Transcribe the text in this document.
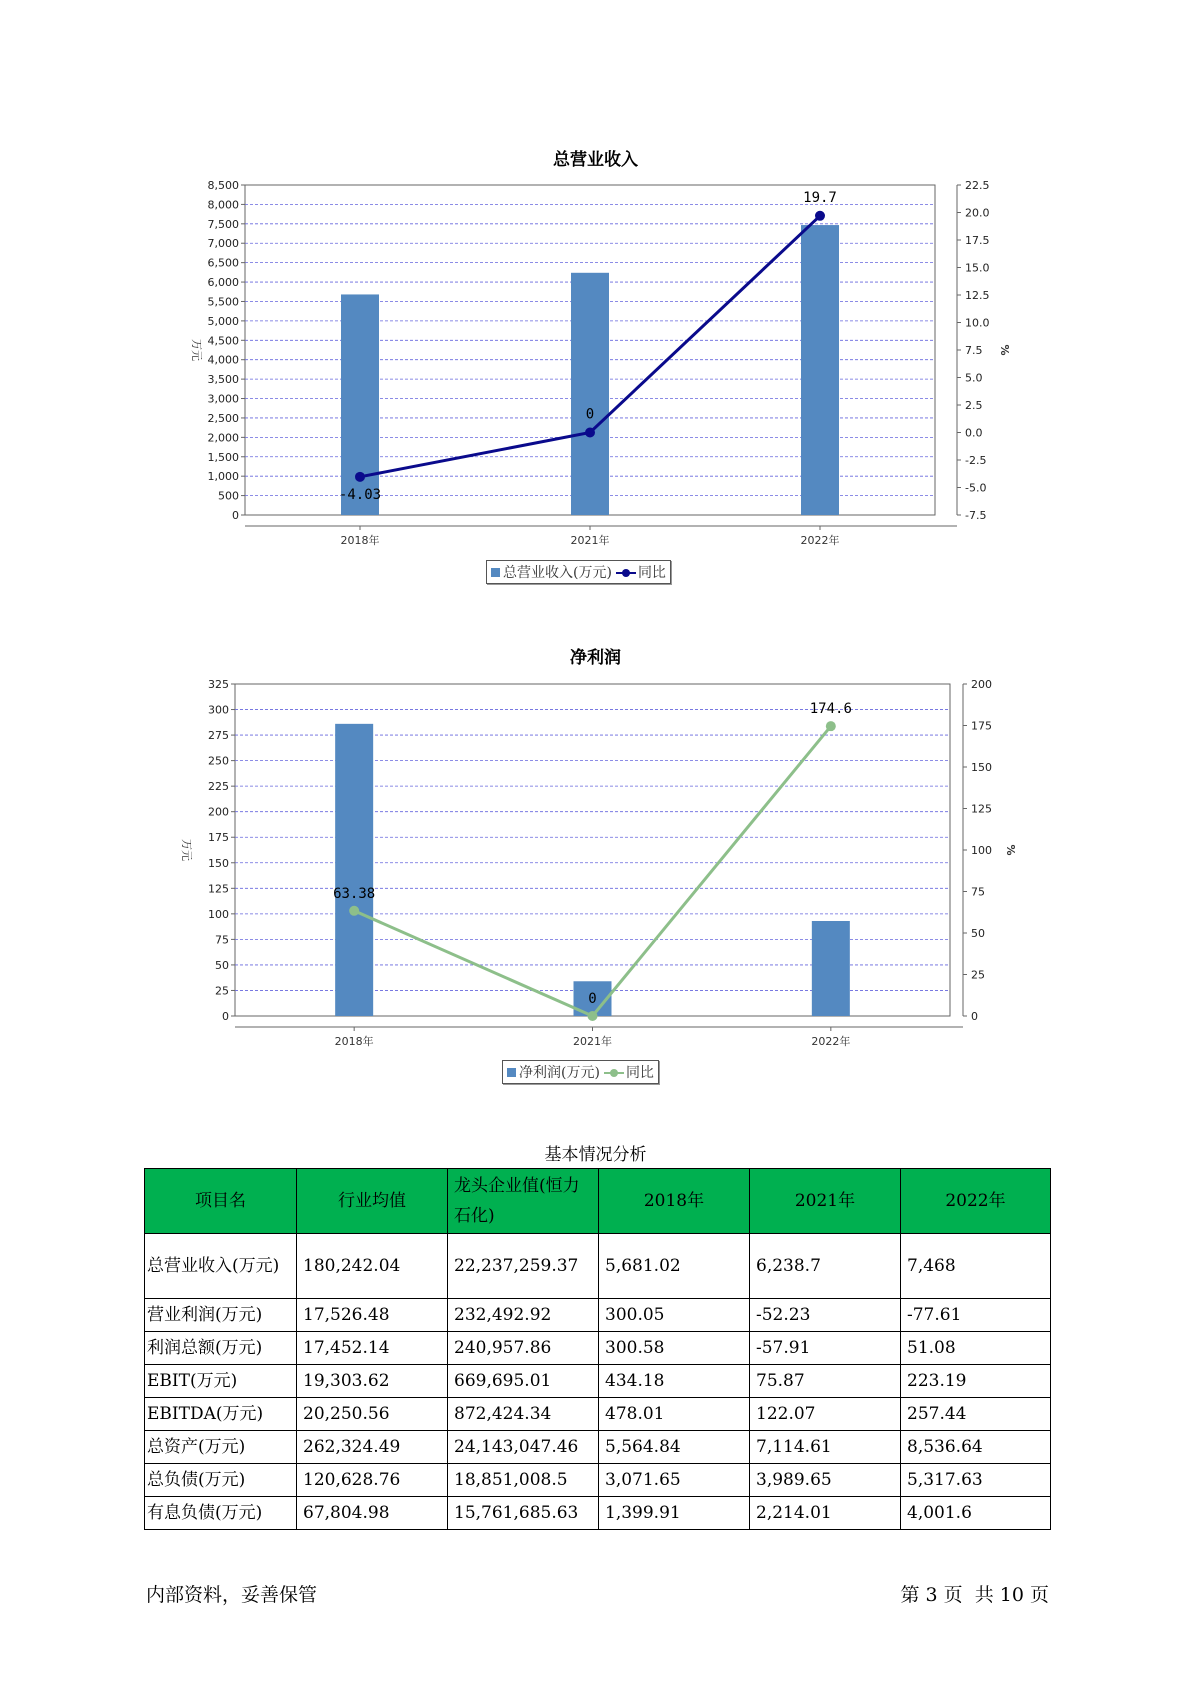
总营业收入
0
500
1,000
1,500
2,000
2,500
3,000
3,500
4,000
4,500
5,000
5,500
6,000
6,500
7,000
7,500
8,000
8,500
-7.5
-5.0
-2.5
0.0
2.5
5.0
7.5
10.0
12.5
15.0
17.5
20.0
22.5
万元	%
2018年	2021年	2022年
-4.03
0
19.7
总营业收入(万元) 同比
净利润
0
25
50
75
100
125
150
175
200
225
250
275
300
325
0
25
50
75
100
125
150
175
200
万元	%
2018年	2021年	2022年
63.38
0
174.6
净利润(万元) 同比
基本情况分析
项目名	行业均值	龙头企业值(恒力石化)	2018年	2021年	2022年
总营业收入(万元)	180,242.04	22,237,259.37	5,681.02	6,238.7	7,468
营业利润(万元)	17,526.48	232,492.92	300.05	-52.23	-77.61
利润总额(万元)	17,452.14	240,957.86	300.58	-57.91	51.08
EBIT(万元)	19,303.62	669,695.01	434.18	75.87	223.19
EBITDA(万元)	20,250.56	872,424.34	478.01	122.07	257.44
总资产(万元)	262,324.49	24,143,047.46	5,564.84	7,114.61	8,536.64
总负债(万元)	120,628.76	18,851,008.5	3,071.65	3,989.65	5,317.63
有息负债(万元)	67,804.98	15,761,685.63	1,399.91	2,214.01	4,001.6
内部资料，妥善保管	第 3 页  共 10 页
